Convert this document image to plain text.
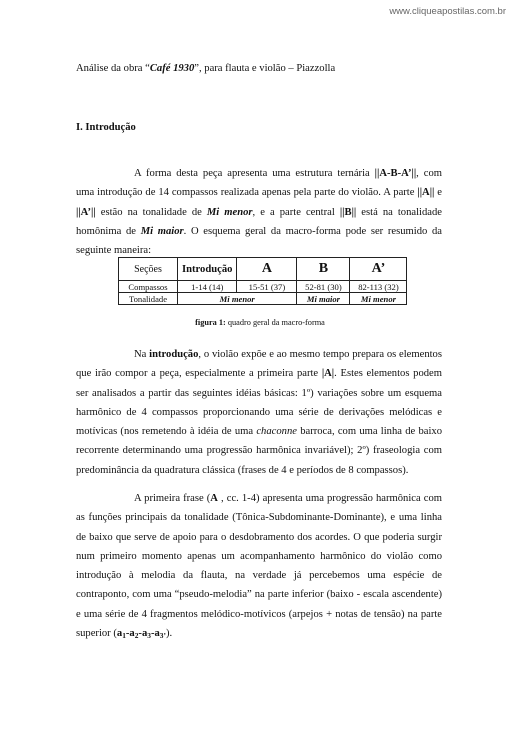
www.cliqueapostilas.com.br
Análise da obra “Café 1930”, para flauta e violão – Piazzolla
I. Introdução

A forma desta peça apresenta uma estrutura ternária ||A-B-A’||, com uma introdução de 14 compassos realizada apenas pela parte do violão. A parte ||A|| e ||A’|| estão na tonalidade de Mi menor, e a parte central ||B|| está na tonalidade homônima de Mi maior. O esquema geral da macro-forma pode ser resumido da seguinte maneira:

Seções	Introdução	A	B	A’
Compassos	1-14 (14)	15-51 (37)	52-81 (30)	82-113 (32)
Tonalidade	Mi menor		Mi maior	Mi menor
figura 1: quadro geral da macro-forma

Na introdução, o violão expõe e ao mesmo tempo prepara os elementos que irão compor a peça, especialmente a primeira parte |A|. Estes elementos podem ser analisados a partir das seguintes idéias básicas: 1º) variações sobre um esquema harmônico de 4 compassos proporcionando uma série de derivações melódicas e motívicas (nos remetendo à idéia de uma chaconne barroca, com uma linha de baixo recorrente determinando uma progressão harmônica invariável); 2º) fraseologia com predominância da quadratura clássica (frases de 4 e períodos de 8 compassos).

A primeira frase (A , cc. 1-4) apresenta uma progressão harmônica com as funções principais da tonalidade (Tônica-Subdominante-Dominante), e uma linha de baixo que serve de apoio para o desdobramento dos acordes. O que poderia surgir num primeiro momento apenas um acompanhamento harmônico do violão como introdução à melodia da flauta, na verdade já percebemos uma espécie de contraponto, com uma “pseudo-melodia” na parte inferior (baixo - escala ascendente) e uma série de 4 fragmentos melódico-motívicos (arpejos + notas de tensão) na parte superior $(a_1-a_2-a_3-a_{3’})$.
